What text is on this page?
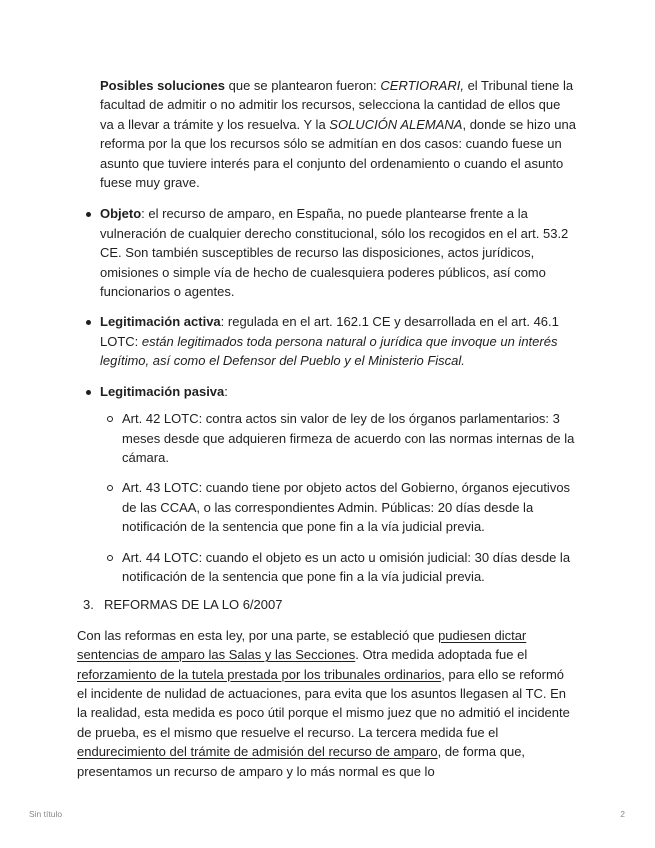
Posibles soluciones que se plantearon fueron: CERTIORARI, el Tribunal tiene la facultad de admitir o no admitir los recursos, selecciona la cantidad de ellos que va a llevar a trámite y los resuelva. Y la SOLUCIÓN ALEMANA, donde se hizo una reforma por la que los recursos sólo se admitían en dos casos: cuando fuese un asunto que tuviere interés para el conjunto del ordenamiento o cuando el asunto fuese muy grave.

Objeto: el recurso de amparo, en España, no puede plantearse frente a la vulneración de cualquier derecho constitucional, sólo los recogidos en el art. 53.2 CE. Son también susceptibles de recurso las disposiciones, actos jurídicos, omisiones o simple vía de hecho de cualesquiera poderes públicos, así como funcionarios o agentes.
Legitimación activa: regulada en el art. 162.1 CE y desarrollada en el art. 46.1 LOTC: están legitimados toda persona natural o jurídica que invoque un interés legítimo, así como el Defensor del Pueblo y el Ministerio Fiscal.
Legitimación pasiva:
Art. 42 LOTC: contra actos sin valor de ley de los órganos parlamentarios: 3 meses desde que adquieren firmeza de acuerdo con las normas internas de la cámara.
Art. 43 LOTC: cuando tiene por objeto actos del Gobierno, órganos ejecutivos de las CCAA, o las correspondientes Admin. Públicas: 20 días desde la notificación de la sentencia que pone fin a la vía judicial previa.
Art. 44 LOTC: cuando el objeto es un acto u omisión judicial: 30 días desde la notificación de la sentencia que pone fin a la vía judicial previa.

3. REFORMAS DE LA LO 6/2007

Con las reformas en esta ley, por una parte, se estableció que pudiesen dictar sentencias de amparo las Salas y las Secciones. Otra medida adoptada fue el reforzamiento de la tutela prestada por los tribunales ordinarios, para ello se reformó el incidente de nulidad de actuaciones, para evita que los asuntos llegasen al TC. En la realidad, esta medida es poco útil porque el mismo juez que no admitió el incidente de prueba, es el mismo que resuelve el recurso. La tercera medida fue el endurecimiento del trámite de admisión del recurso de amparo, de forma que, presentamos un recurso de amparo y lo más normal es que lo

Sin título	2
